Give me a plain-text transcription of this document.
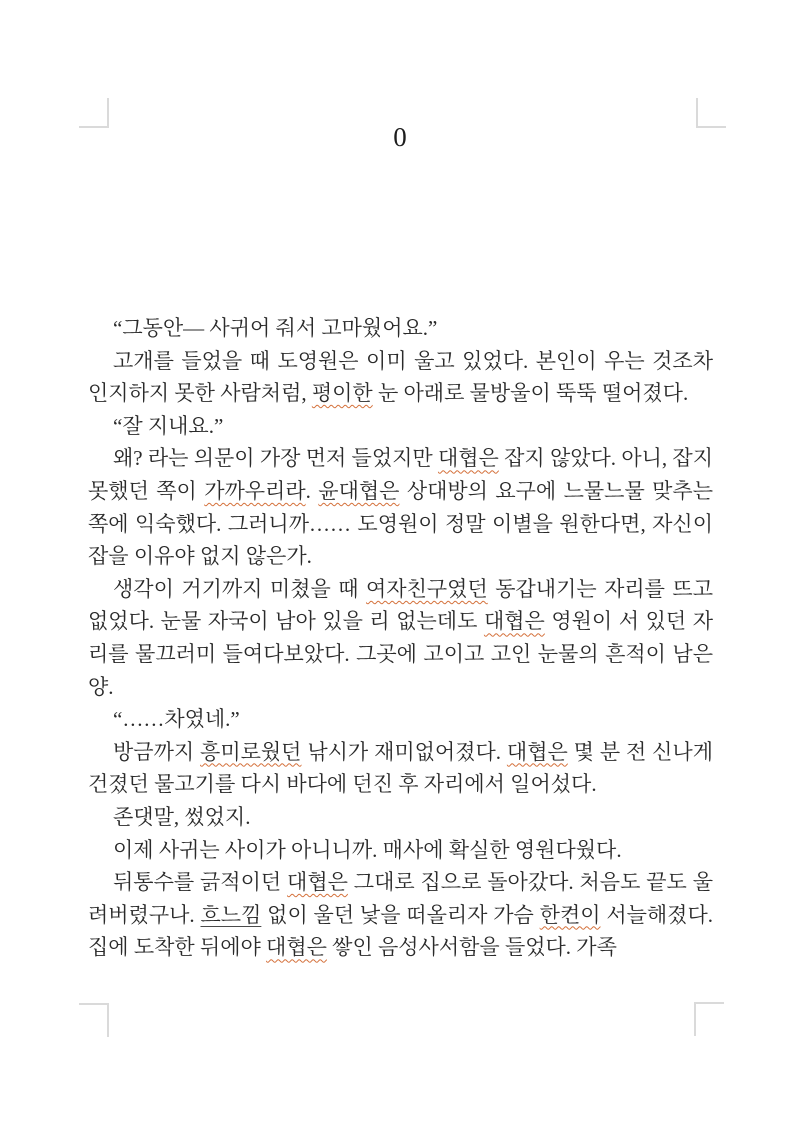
0

“그동안— 사귀어 줘서 고마웠어요.”

고개를 들었을 때 도영원은 이미 울고 있었다. 본인이 우는 것조차 인지하지 못한 사람처럼, 평이한 눈 아래로 물방울이 뚝뚝 떨어졌다.

“잘 지내요.”

왜? 라는 의문이 가장 먼저 들었지만 대협은 잡지 않았다. 아니, 잡지 못했던 쪽이 가까우리라. 윤대협은 상대방의 요구에 느물느물 맞추는 쪽에 익숙했다. 그러니까…… 도영원이 정말 이별을 원한다면, 자신이 잡을 이유야 없지 않은가.

생각이 거기까지 미쳤을 때 여자친구였던 동갑내기는 자리를 뜨고 없었다. 눈물 자국이 남아 있을 리 없는데도 대협은 영원이 서 있던 자리를 물끄러미 들여다보았다. 그곳에 고이고 고인 눈물의 흔적이 남은 양.

“……차였네.”

방금까지 흥미로웠던 낚시가 재미없어졌다. 대협은 몇 분 전 신나게 건졌던 물고기를 다시 바다에 던진 후 자리에서 일어섰다.

존댓말, 썼었지.

이제 사귀는 사이가 아니니까. 매사에 확실한 영원다웠다.

뒤통수를 긁적이던 대협은 그대로 집으로 돌아갔다. 처음도 끝도 울려버렸구나. 흐느낌 없이 울던 낯을 떠올리자 가슴 한켠이 서늘해졌다. 집에 도착한 뒤에야 대협은 쌓인 음성사서함을 들었다. 가족
